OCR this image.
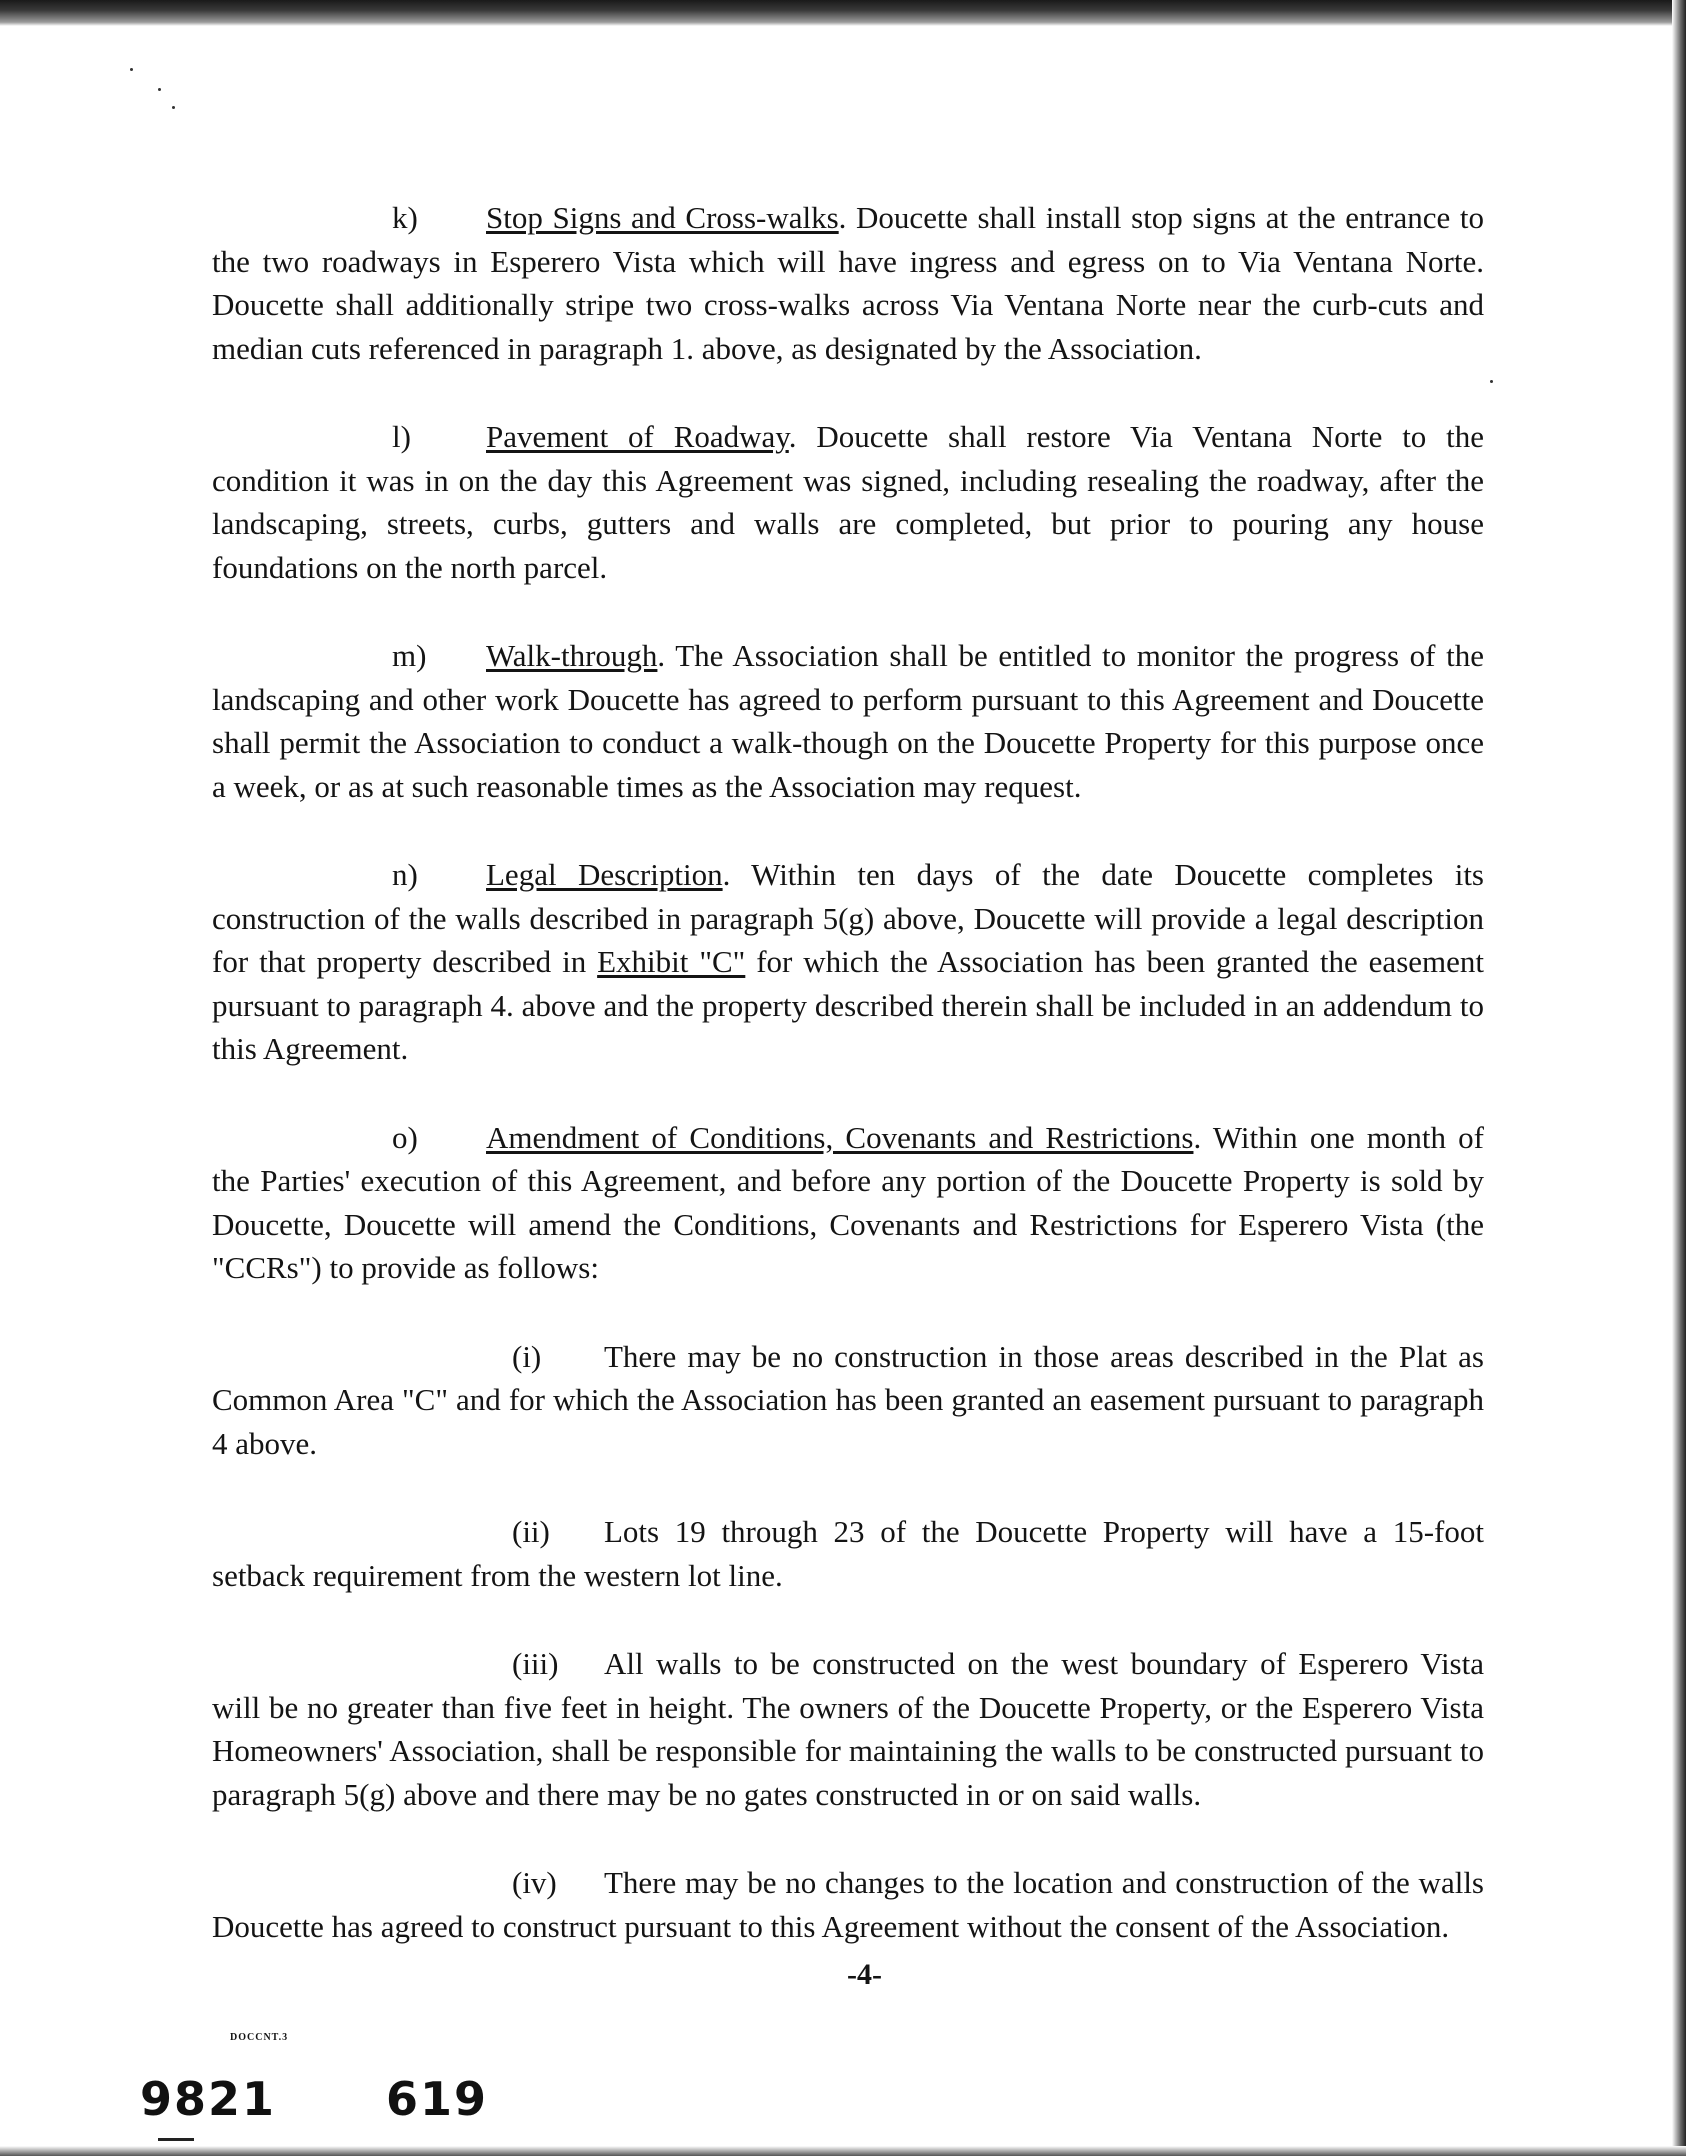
k) Stop Signs and Cross-walks. Doucette shall install stop signs at the entrance to the two roadways in Esperero Vista which will have ingress and egress on to Via Ventana Norte. Doucette shall additionally stripe two cross-walks across Via Ventana Norte near the curb-cuts and median cuts referenced in paragraph 1. above, as designated by the Association.

l) Pavement of Roadway. Doucette shall restore Via Ventana Norte to the condition it was in on the day this Agreement was signed, including resealing the roadway, after the landscaping, streets, curbs, gutters and walls are completed, but prior to pouring any house foundations on the north parcel.

m) Walk-through. The Association shall be entitled to monitor the progress of the landscaping and other work Doucette has agreed to perform pursuant to this Agreement and Doucette shall permit the Association to conduct a walk-though on the Doucette Property for this purpose once a week, or as at such reasonable times as the Association may request.

n) Legal Description. Within ten days of the date Doucette completes its construction of the walls described in paragraph 5(g) above, Doucette will provide a legal description for that property described in Exhibit "C" for which the Association has been granted the easement pursuant to paragraph 4. above and the property described therein shall be included in an addendum to this Agreement.

o) Amendment of Conditions, Covenants and Restrictions. Within one month of the Parties' execution of this Agreement, and before any portion of the Doucette Property is sold by Doucette, Doucette will amend the Conditions, Covenants and Restrictions for Esperero Vista (the "CCRs") to provide as follows:

(i) There may be no construction in those areas described in the Plat as Common Area "C" and for which the Association has been granted an easement pursuant to paragraph 4 above.

(ii) Lots 19 through 23 of the Doucette Property will have a 15-foot setback requirement from the western lot line.

(iii) All walls to be constructed on the west boundary of Esperero Vista will be no greater than five feet in height. The owners of the Doucette Property, or the Esperero Vista Homeowners' Association, shall be responsible for maintaining the walls to be constructed pursuant to paragraph 5(g) above and there may be no gates constructed in or on said walls.

(iv) There may be no changes to the location and construction of the walls Doucette has agreed to construct pursuant to this Agreement without the consent of the Association.

-4-
DOCCNT.3
9821 619
